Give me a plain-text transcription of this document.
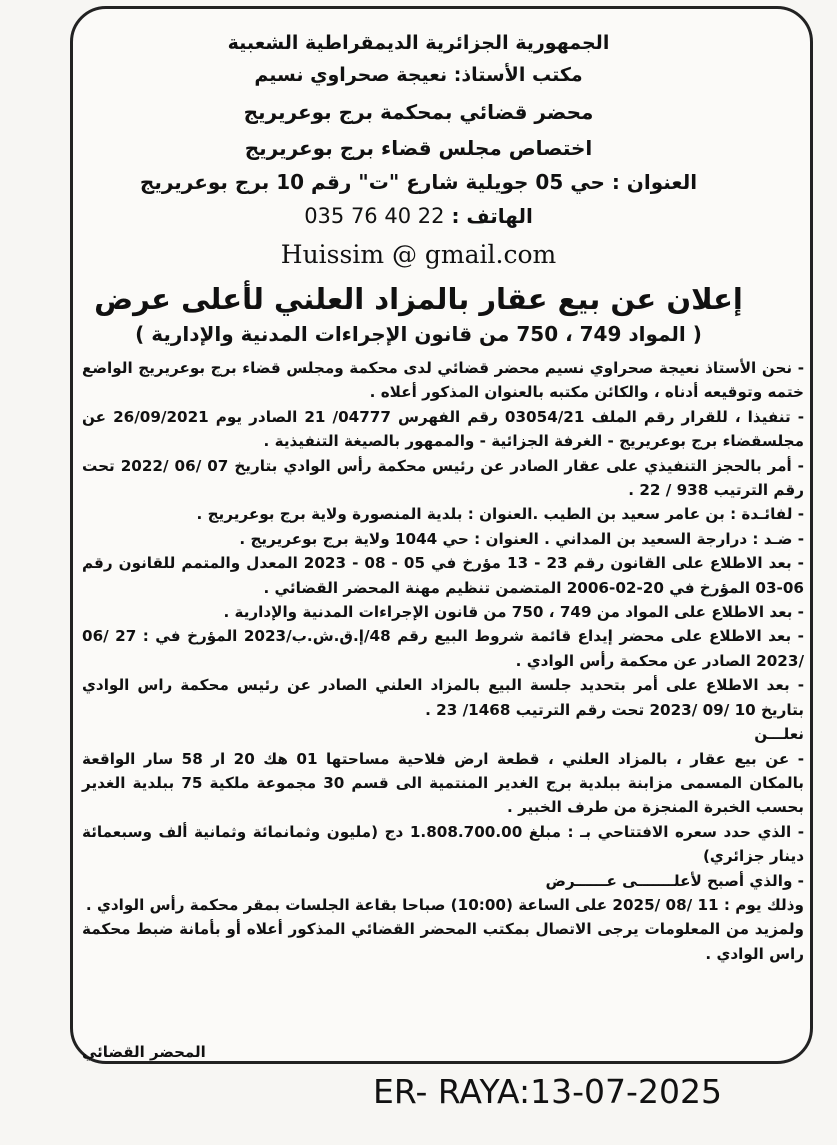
الجمهورية الجزائرية الديمقراطية الشعبية
مكتب الأستاذ: نعيجة صحراوي نسيم
محضر قضائي بمحكمة برج بوعريريج
اختصاص مجلس قضاء برج بوعريريج
العنوان : حي 05 جويلية شارع "ت" رقم 10 برج بوعريريج
الهاتف : 035 76 40 22
Huissim @ gmail.com
إعلان عن بيع عقار بالمزاد العلني لأعلى عرض
( المواد 749 ، 750 من قانون الإجراءات المدنية والإدارية )

- نحن الأستاذ نعيجة صحراوي نسيم محضر قضائي لدى محكمة ومجلس قضاء برج بوعريريج الواضع ختمه وتوقيعه أدناه ، والكائن مكتبه بالعنوان المذكور أعلاه .

- تنفيذا ، للقرار رقم الملف 03054/21 رقم الفهرس 04777/ 21 الصادر يوم 26/09/2021 عن مجلسقضاء برج بوعريريج - الغرفة الجزائية - والممهور بالصيغة التنفيذية .

- أمر بالحجز التنفيذي على عقار الصادر عن رئيس محكمة رأس الوادي بتاريخ 07 /06 /2022 تحت رقم الترتيب 938 / 22 .

- لفائـدة : بن عامر سعيد بن الطيب .العنوان : بلدية المنصورة ولاية برج بوعريريج .

- ضـد : درارجة السعيد بن المداني . العنوان : حي 1044 ولاية برج بوعريريج .

- بعد الاطلاع على القانون رقم 23 - 13 مؤرخ في 05 - 08 - 2023 المعدل والمتمم للقانون رقم 06-03 المؤرخ في 20-02-2006 المتضمن تنظيم مهنة المحضر القضائي .

- بعد الاطلاع على المواد من 749 ، 750 من قانون الإجراءات المدنية والإدارية .

- بعد الاطلاع على محضر إيداع قائمة شروط البيع رقم 48/إ.ق.ش.ب/2023 المؤرخ في : 27 /06 /2023 الصادر عن محكمة رأس الوادي .

- بعد الاطلاع على أمر بتحديد جلسة البيع بالمزاد العلني الصادر عن رئيس محكمة راس الوادي بتاريخ 10 /09 /2023 تحت رقم الترتيب 1468/ 23 .

نعلـــن

- عن بيع عقار ، بالمزاد العلني ، قطعة ارض فلاحية مساحتها 01 هك 20 ار 58 سار الواقعة بالمكان المسمى مزابنة ببلدية برج الغدير المنتمية الى قسم 30 مجموعة ملكية 75 ببلدية الغدير بحسب الخبرة المنجزة من طرف الخبير .

- الذي حدد سعره الافتتاحي بـ : مبلغ 1.808.700.00 دج (مليون وثمانمائة وثمانية ألف وسبعمائة دينار جزائري)

- والذي أصبح لأعلـــــــى عــــــرض

وذلك يوم : 11 /08 /2025 على الساعة (10:00) صباحا بقاعة الجلسات بمقر محكمة رأس الوادي .

ولمزيد من المعلومات يرجى الاتصال بمكتب المحضر القضائي المذكور أعلاه أو بأمانة ضبط محكمة راس الوادي .

المحضر القضائي
ER- RAYA:13-07-2025
